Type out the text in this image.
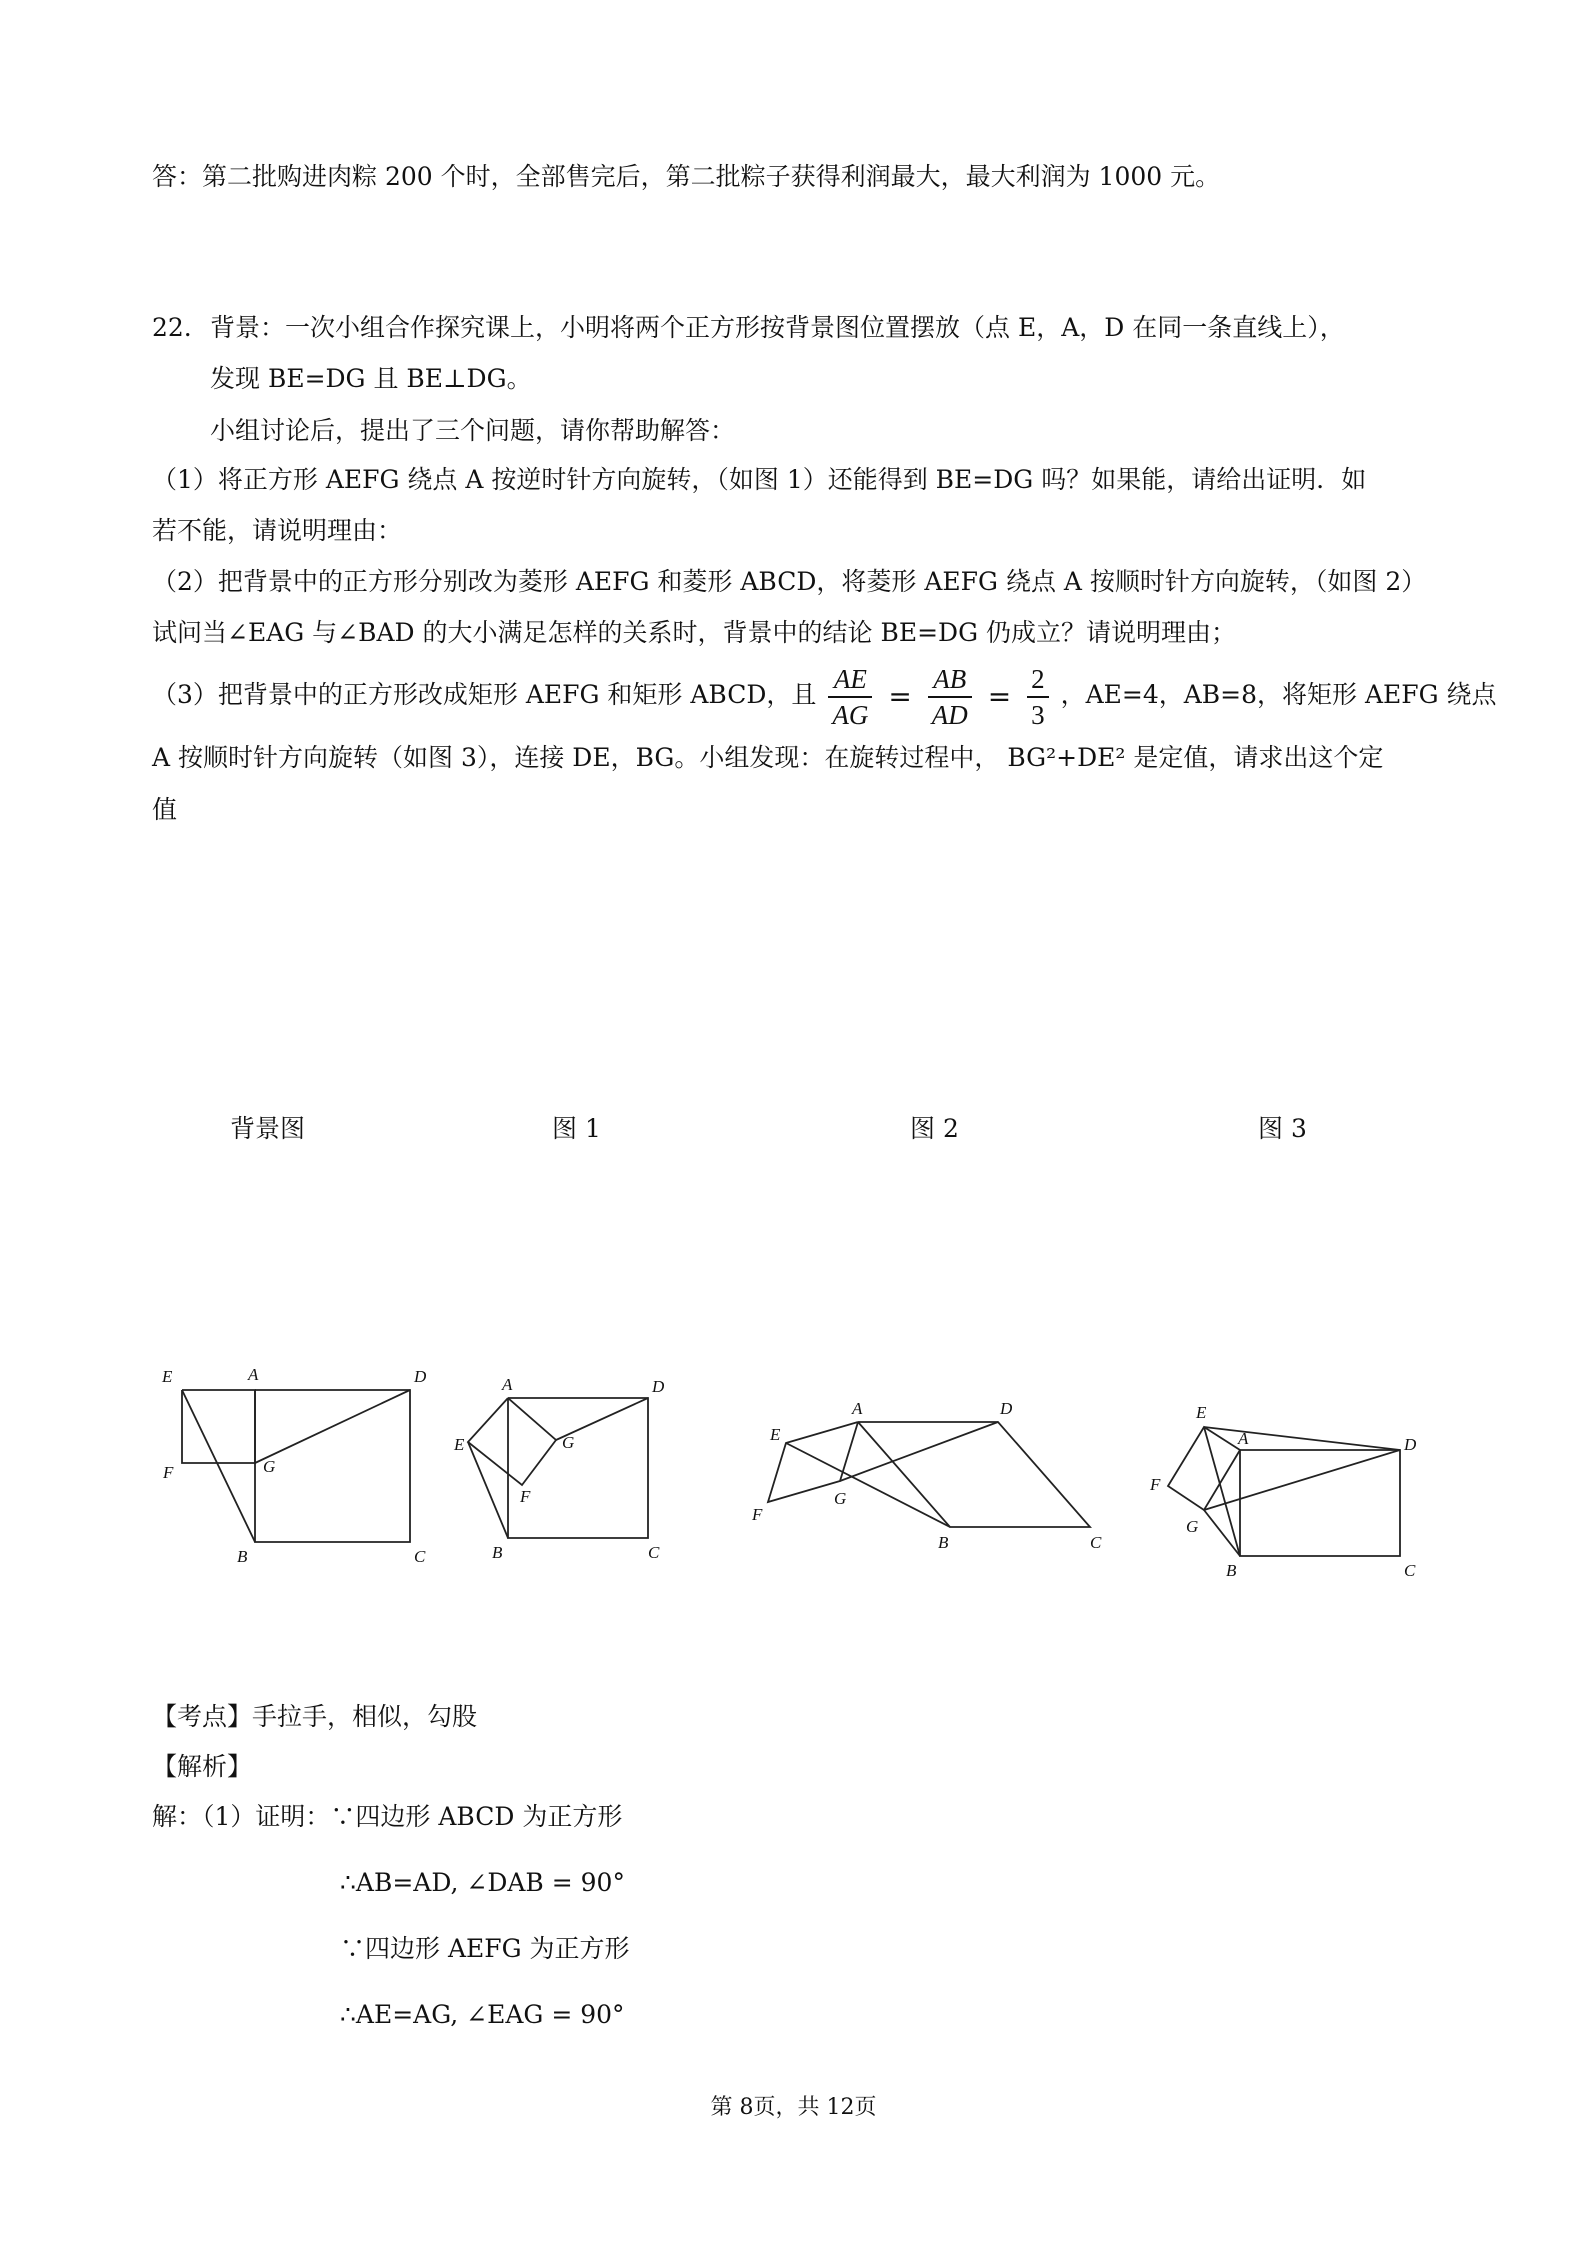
答：第二批购进肉粽 200 个时，全部售完后，第二批粽子获得利润最大，最大利润为 1000 元。
22. 背景：一次小组合作探究课上，小明将两个正方形按背景图位置摆放（点 E，A，D 在同一条直线上），
发现 BE=DG 且 BE⊥DG。
小组讨论后，提出了三个问题，请你帮助解答：
（1）将正方形 AEFG 绕点 A 按逆时针方向旋转，（如图 1）还能得到 BE=DG 吗？如果能，请给出证明．如
若不能，请说明理由：
（2）把背景中的正方形分别改为菱形 AEFG 和菱形 ABCD，将菱形 AEFG 绕点 A 按顺时针方向旋转，（如图 2）
试问当∠EAG 与∠BAD 的大小满足怎样的关系时，背景中的结论 BE=DG 仍成立？请说明理由；
（3）把背景中的正方形改成矩形 AEFG 和矩形 ABCD，且 $\frac{AE}{AG} = \frac{AB}{AD} = \frac{2}{3}$ ，AE=4，AB=8，将矩形 AEFG 绕点
A 按顺时针方向旋转（如图 3），连接 DE，BG。小组发现：在旋转过程中， BG²+DE² 是定值，请求出这个定
值
背景图	图 1	图 2	图 3
E	A	D
F	G
B	C
A	D
E	G
F
B	C
A	D
E
G
F
B	C
E
A	D
F
G
B	C
【考点】手拉手，相似，勾股
【解析】
解：（1）证明：∵四边形 ABCD 为正方形
∴AB=AD, ∠DAB = 90°
∵四边形 AEFG 为正方形
∴AE=AG, ∠EAG = 90°
第 8页，共 12页
